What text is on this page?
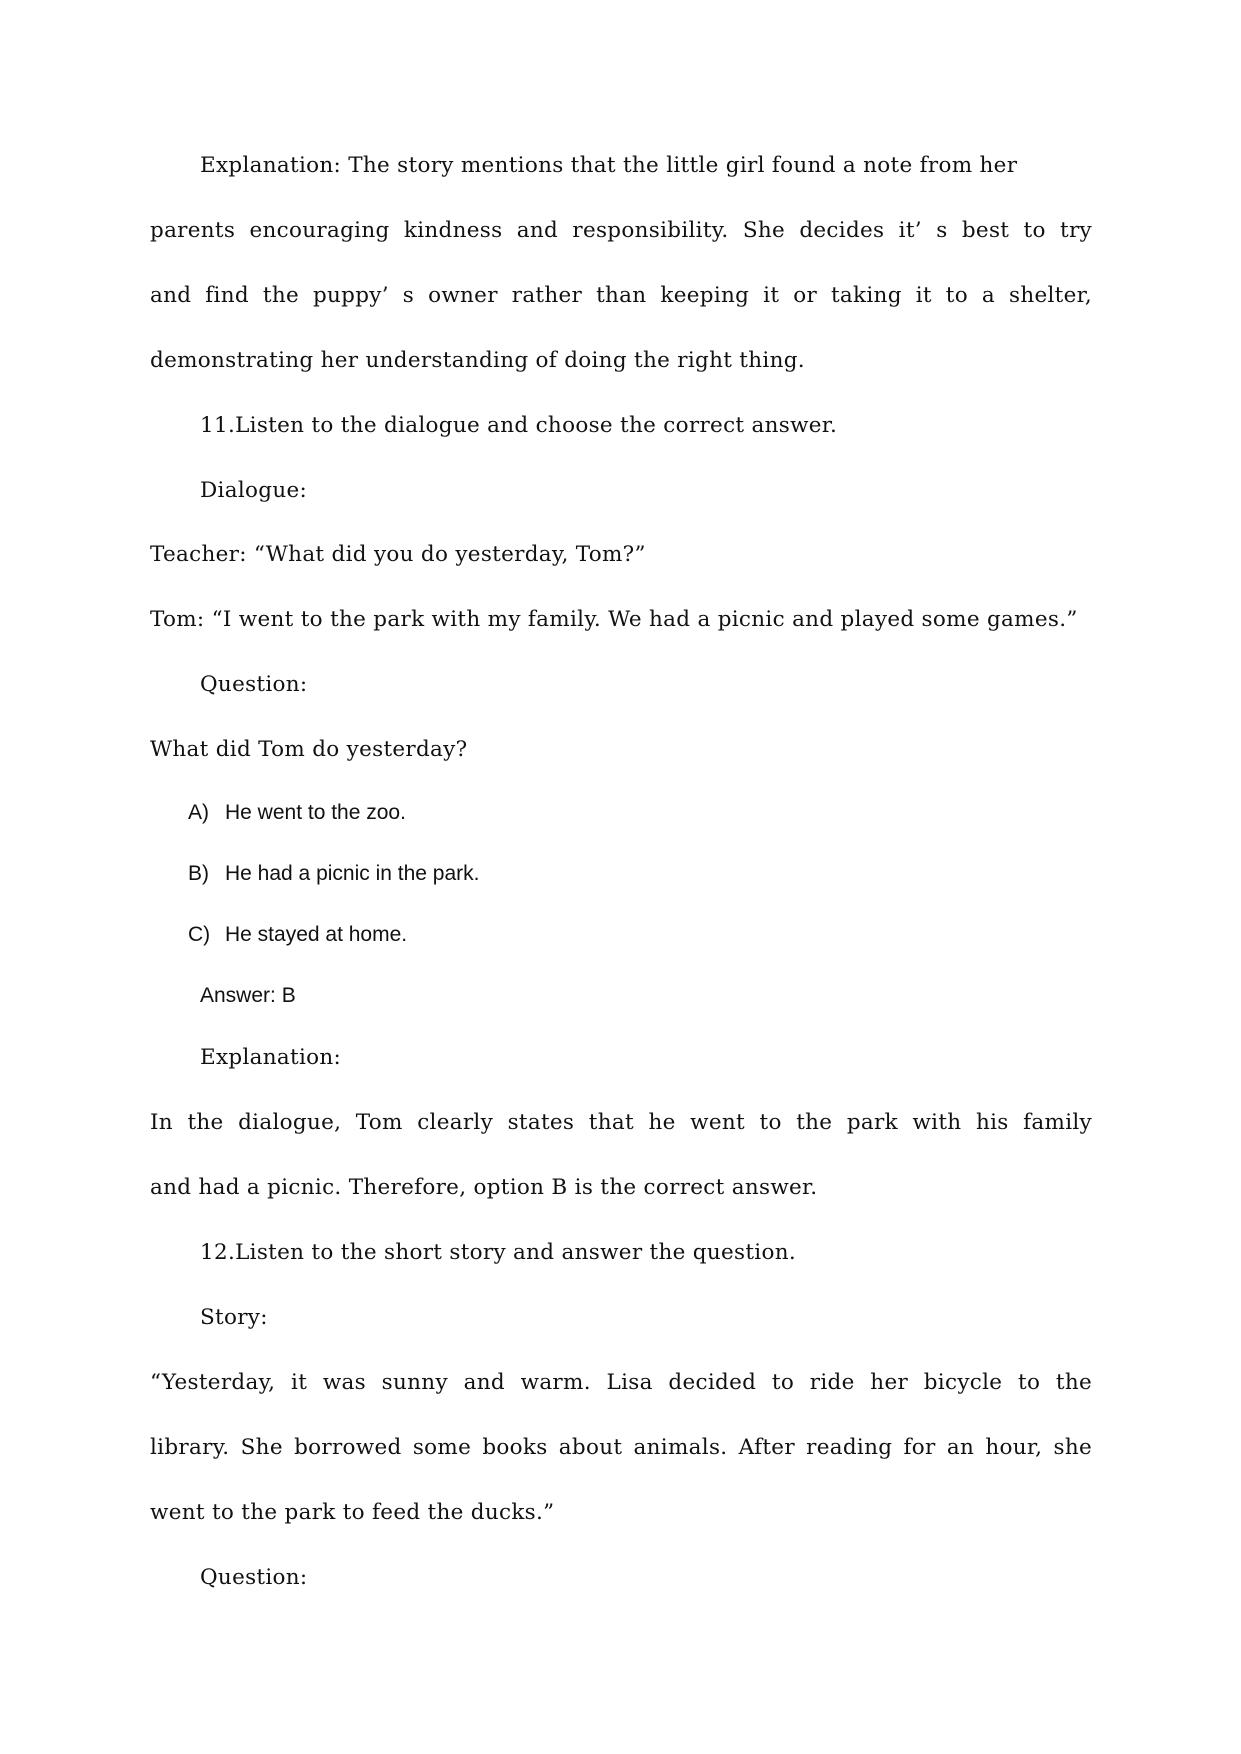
Explanation: The story mentions that the little girl found a note from her
parents encouraging kindness and responsibility. She decides it’ s best to try
and find the puppy’ s owner rather than keeping it or taking it to a shelter,
demonstrating her understanding of doing the right thing.
11.Listen to the dialogue and choose the correct answer.
Dialogue:
Teacher: “What did you do yesterday, Tom?”
Tom: “I went to the park with my family. We had a picnic and played some games.”
Question:
What did Tom do yesterday?
A) He went to the zoo.
B) He had a picnic in the park.
C) He stayed at home.
Answer: B
Explanation:
In the dialogue, Tom clearly states that he went to the park with his family
and had a picnic. Therefore, option B is the correct answer.
12.Listen to the short story and answer the question.
Story:
“Yesterday, it was sunny and warm. Lisa decided to ride her bicycle to the
library. She borrowed some books about animals. After reading for an hour, she
went to the park to feed the ducks.”
Question:
